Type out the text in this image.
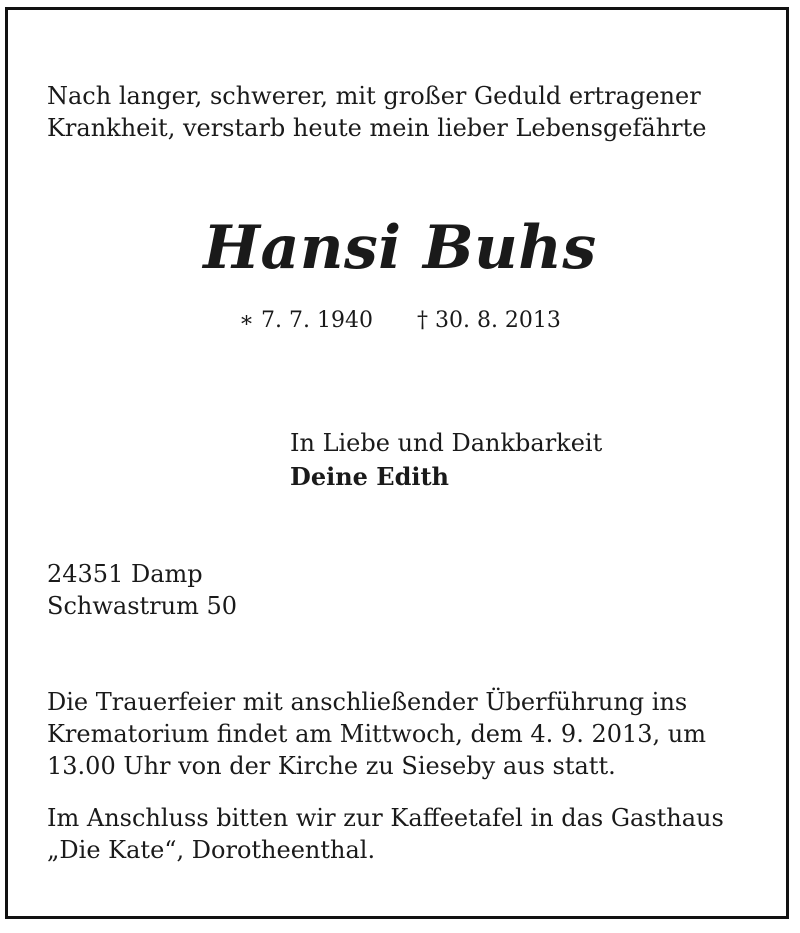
Nach langer, schwerer, mit großer Geduld ertragener
Krankheit, verstarb heute mein lieber Lebensgefährte
Hansi Buhs
∗ 7. 7. 1940 † 30. 8. 2013
In Liebe und Dankbarkeit
Deine Edith
24351 Damp
Schwastrum 50
Die Trauerfeier mit anschließender Überführung ins
Krematorium findet am Mittwoch, dem 4. 9. 2013, um
13.00 Uhr von der Kirche zu Sieseby aus statt.
Im Anschluss bitten wir zur Kaffeetafel in das Gasthaus
„Die Kate“, Dorotheenthal.
